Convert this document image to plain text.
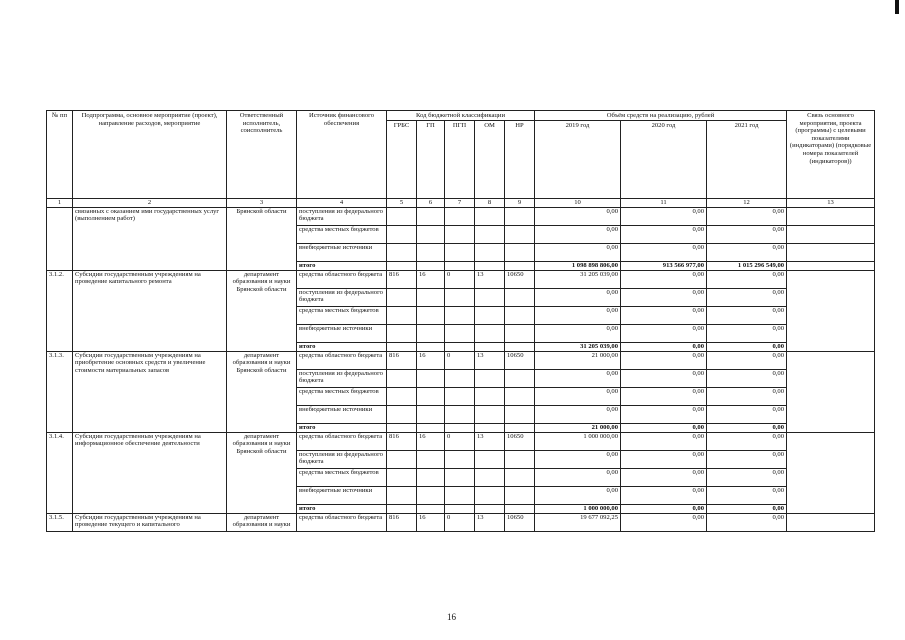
№ пп	Подпрограмма, основное мероприятие (проект), направление расходов, мероприятие	Ответственный исполнитель, соисполнитель	Источник финансового обеспечения	Код бюджетной классификации					Объём средств на реализацию, рублей			Связь основного мероприятия, проекта (программы) с целевыми показателями (индикаторами) (порядковые номера показателей (индикаторов))
				ГРБС	ГП	ПГП	ОМ	НР	2019 год	2020 год	2021 год	
1	2	3	4	5	6	7	8	9	10	11	12	13
	связанных с оказанием ими государственных услуг (выполнением работ)	Брянской области	поступления из федерального бюджета						0,00	0,00	0,00	
			средства местных бюджетов						0,00	0,00	0,00	
			внебюджетные источники						0,00	0,00	0,00	
			итого						1 098 898 806,00	913 566 977,00	1 015 296 549,00	
3.1.2.	Субсидии государственным учреждениям на проведение капитального ремонта	департамент образования и науки Брянской области	средства областного бюджета	816	16	0	13	10650	31 205 039,00	0,00	0,00	
			поступления из федерального бюджета						0,00	0,00	0,00	
			средства местных бюджетов						0,00	0,00	0,00	
			внебюджетные источники						0,00	0,00	0,00	
			итого						31 205 039,00	0,00	0,00	
3.1.3.	Субсидии государственным учреждениям на приобретение основных средств и увеличение стоимости материальных запасов	департамент образования и науки Брянской области	средства областного бюджета	816	16	0	13	10650	21 000,00	0,00	0,00	
			поступления из федерального бюджета						0,00	0,00	0,00	
			средства местных бюджетов						0,00	0,00	0,00	
			внебюджетные источники						0,00	0,00	0,00	
			итого						21 000,00	0,00	0,00	
3.1.4.	Субсидии государственным учреждениям на информационное обеспечение деятельности	департамент образования и науки Брянской области	средства областного бюджета	816	16	0	13	10650	1 000 000,00	0,00	0,00	
			поступления из федерального бюджета						0,00	0,00	0,00	
			средства местных бюджетов						0,00	0,00	0,00	
			внебюджетные источники						0,00	0,00	0,00	
			итого						1 000 000,00	0,00	0,00	
3.1.5.	Субсидии государственным учреждениям на проведение текущего и капитального	департамент образования и науки	средства областного бюджета	816	16	0	13	10650	19 677 092,25	0,00	0,00	
16
